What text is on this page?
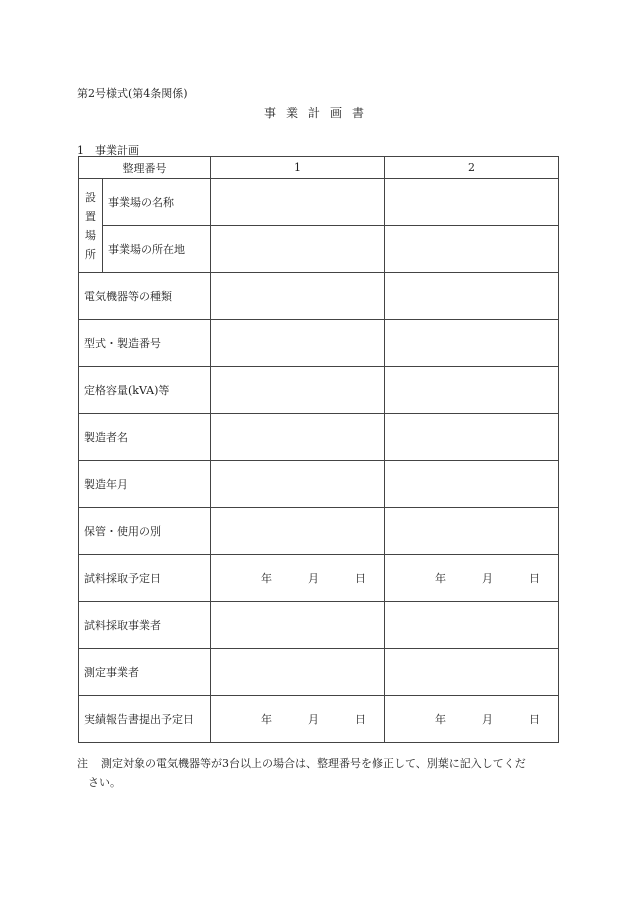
第2号様式(第4条関係)
事業計画書
1　事業計画
整理番号		1	2

設
置
場
所	事業場の名称		
	事業場の所在地		
電気機器等の種類			
型式・製造番号			
定格容量(kVA)等			
製造者名			
製造年月			
保管・使用の別			
試料採取予定日		年 月 日	年 月 日

試料採取事業者			
測定事業者			
実績報告書提出予定日		年 月 日	年 月 日
注 測定対象の電気機器等が3台以上の場合は、整理番号を修正して、別葉に記入してくだ
さい。
